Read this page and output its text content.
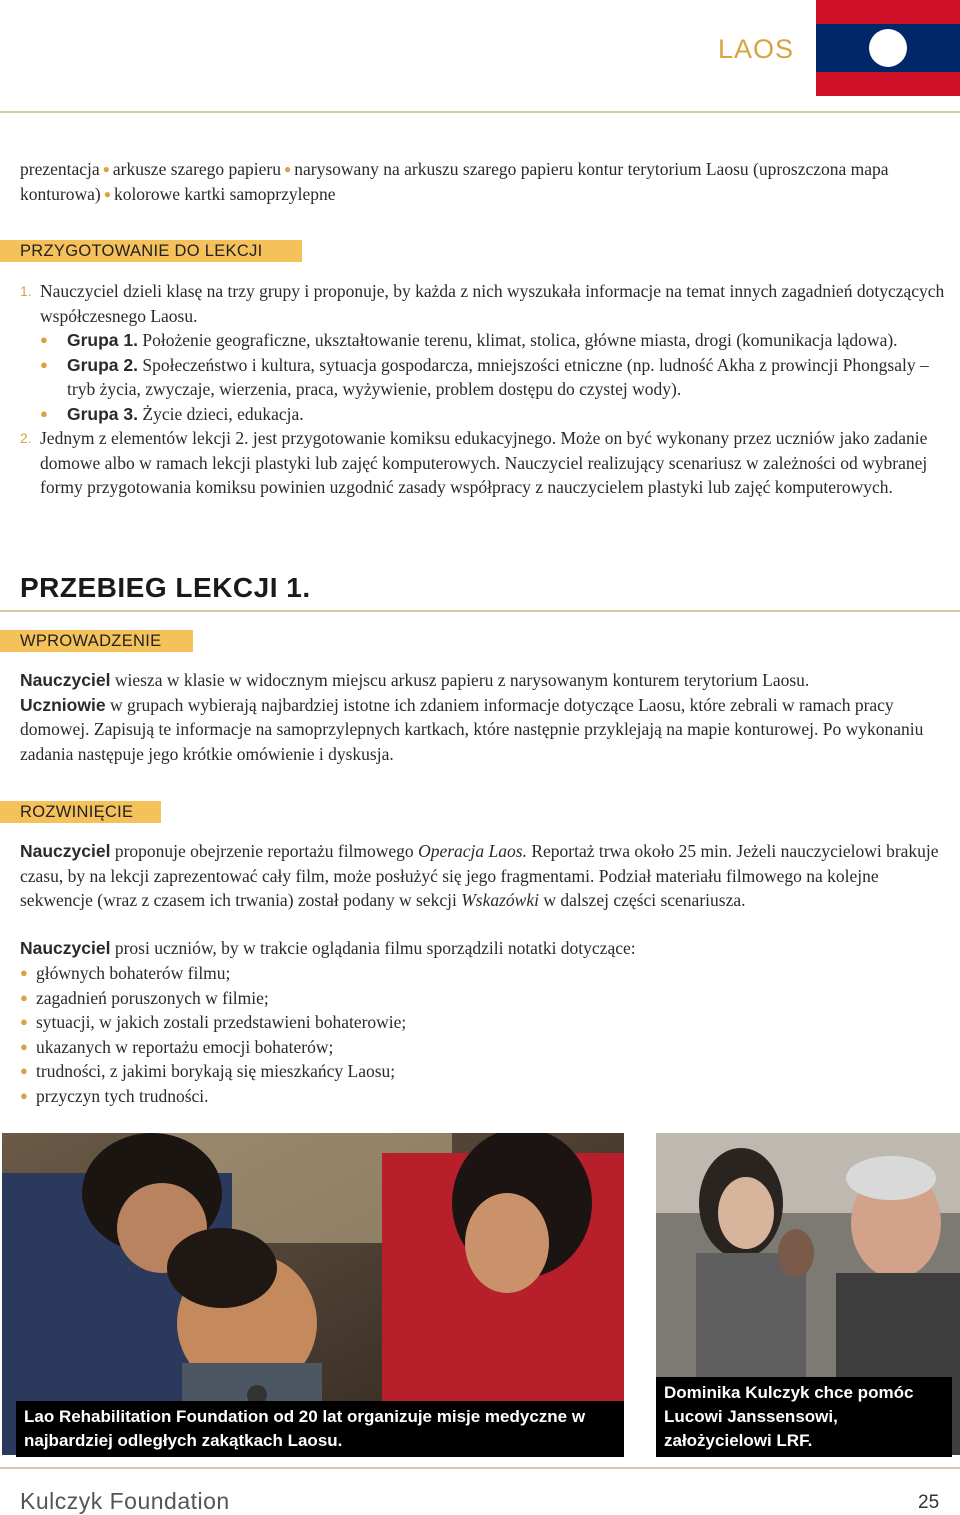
LAOS

prezentacja ● arkusze szarego papieru ● narysowany na arkuszu szarego papieru kontur terytorium Laosu (uproszczona mapa konturowa) ● kolorowe kartki samoprzylepne

PRZYGOTOWANIE DO LEKCJI
1. Nauczyciel dzieli klasę na trzy grupy i proponuje, by każda z nich wyszukała informacje na temat innych zagadnień dotyczących współczesnego Laosu.
● Grupa 1. Położenie geograficzne, ukształtowanie terenu, klimat, stolica, główne miasta, drogi (komunikacja lądowa).
● Grupa 2. Społeczeństwo i kultura, sytuacja gospodarcza, mniejszości etniczne (np. ludność Akha z prowincji Phongsaly – tryb życia, zwyczaje, wierzenia, praca, wyżywienie, problem dostępu do czystej wody).
● Grupa 3. Życie dzieci, edukacja.
2. Jednym z elementów lekcji 2. jest przygotowanie komiksu edukacyjnego. Może on być wykonany przez uczniów jako zadanie domowe albo w ramach lekcji plastyki lub zajęć komputerowych. Nauczyciel realizujący scenariusz w zależności od wybranej formy przygotowania komiksu powinien uzgodnić zasady współpracy z nauczycielem plastyki lub zajęć komputerowych.
PRZEBIEG LEKCJI 1.
WPROWADZENIE

Nauczyciel wiesza w klasie w widocznym miejscu arkusz papieru z narysowanym konturem terytorium Laosu.
Uczniowie w grupach wybierają najbardziej istotne ich zdaniem informacje dotyczące Laosu, które zebrali w ramach pracy domowej. Zapisują te informacje na samoprzylepnych kartkach, które następnie przyklejają na mapie konturowej. Po wykonaniu zadania następuje jego krótkie omówienie i dyskusja.

ROZWINIĘCIE

Nauczyciel proponuje obejrzenie reportażu filmowego Operacja Laos. Reportaż trwa około 25 min. Jeżeli nauczycielowi brakuje czasu, by na lekcji zaprezentować cały film, może posłużyć się jego fragmentami. Podział materiału filmowego na kolejne sekwencje (wraz z czasem ich trwania) został podany w sekcji Wskazówki w dalszej części scenariusza.

Nauczyciel prosi uczniów, by w trakcie oglądania filmu sporządzili notatki dotyczące:

● głównych bohaterów filmu;
● zagadnień poruszonych w filmie;
● sytuacji, w jakich zostali przedstawieni bohaterowie;
● ukazanych w reportażu emocji bohaterów;
● trudności, z jakimi borykają się mieszkańcy Laosu;
● przyczyn tych trudności.
Lao Rehabilitation Foundation od 20 lat organizuje misje medyczne w najbardziej odległych zakątkach Laosu.
Dominika Kulczyk chce pomóc Lucowi Janssensowi, założycielowi LRF.
Kulczyk Foundation	25
